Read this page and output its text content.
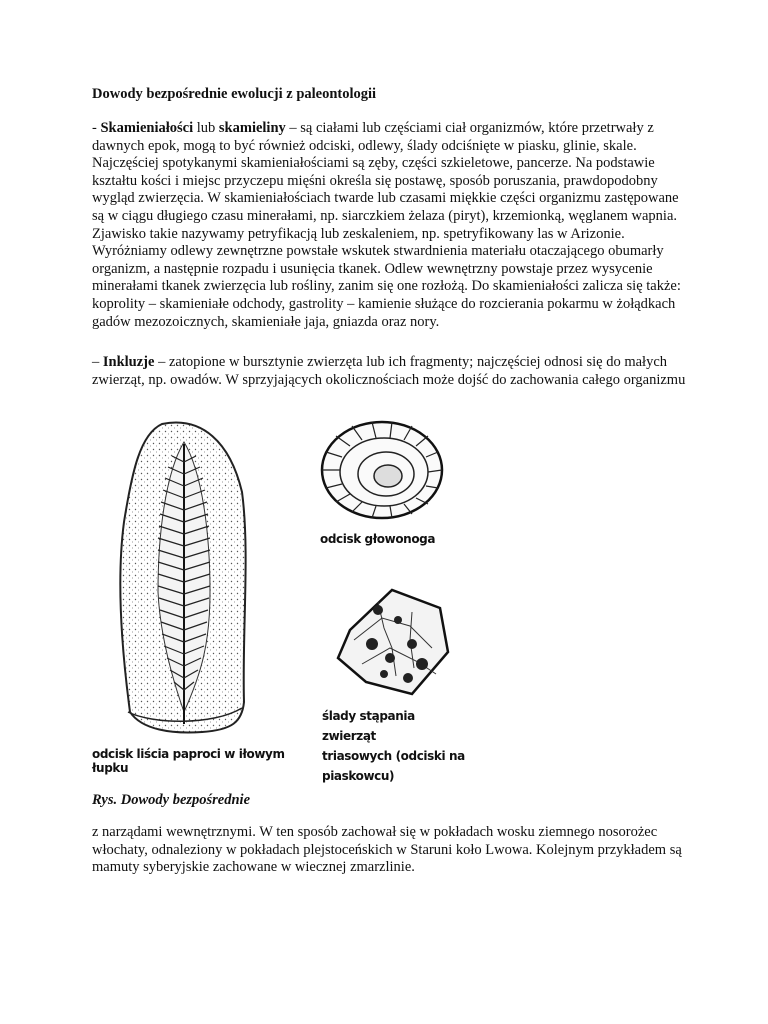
Dowody bezpośrednie ewolucji z paleontologii
- Skamieniałości lub skamieliny – są ciałami lub częściami ciał organizmów, które przetrwały z dawnych epok, mogą to być również odciski, odlewy, ślady odciśnięte w piasku, glinie, skale. Najczęściej spotykanymi skamieniałościami są zęby, części szkieletowe, pancerze. Na podstawie kształtu kości i miejsc przyczepu mięśni określa się postawę, sposób poruszania, prawdopodobny wygląd zwierzęcia. W skamieniałościach twarde lub czasami miękkie części organizmu zastępowane są w ciągu długiego czasu minerałami, np. siarczkiem żelaza (piryt), krzemionką, węglanem wapnia. Zjawisko takie nazywamy petryfikacją lub zeskaleniem, np. spetryfikowany las w Arizonie. Wyróżniamy odlewy zewnętrzne powstałe wskutek stwardnienia materiału otaczającego obumarły organizm, a następnie rozpadu i usunięcia tkanek. Odlew wewnętrzny powstaje przez wysycenie minerałami tkanek zwierzęcia lub rośliny, zanim się one rozłożą. Do skamieniałości zalicza się także: koprolity – skamieniałe odchody, gastrolity – kamienie służące do rozcierania pokarmu w żołądkach gadów mezozoicznych, skamieniałe jaja, gniazda oraz nory.
– Inkluzje – zatopione w bursztynie zwierzęta lub ich fragmenty; najczęściej odnosi się do małych zwierząt, np. owadów. W sprzyjających okolicznościach może dojść do zachowania całego organizmu
odcisk liścia paproci w iłowym łupku
odcisk głowonoga
ślady stąpania zwierząt
triasowych (odciski na
piaskowcu)
Rys. Dowody bezpośrednie
z narządami wewnętrznymi. W ten sposób zachował się w pokładach wosku ziemnego nosorożec włochaty, odnaleziony w pokładach plejstoceńskich w Staruni koło Lwowa. Kolejnym przykładem są mamuty syberyjskie zachowane w wiecznej zmarzlinie.
